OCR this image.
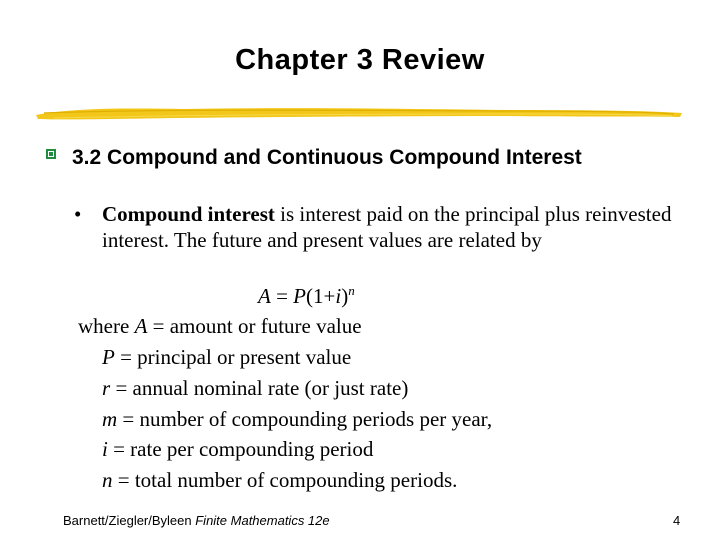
Chapter 3 Review
3.2 Compound and Continuous Compound Interest
• Compound interest is interest paid on the principal plus reinvested interest. The future and present values are related by
$A = P(1+i)^n$
where A = amount or future value
P = principal or present value
r = annual nominal rate (or just rate)
m = number of compounding periods per year,
i = rate per compounding period
n = total number of compounding periods.
Barnett/Ziegler/Byleen Finite Mathematics 12e	4
